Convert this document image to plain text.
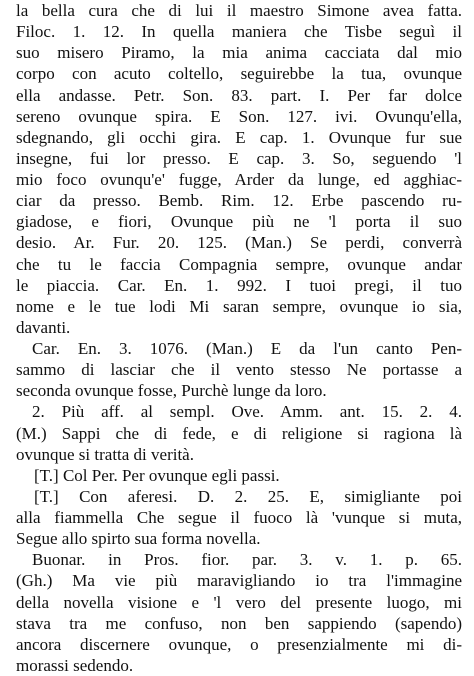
la bella cura che di lui il maestro Simone avea fatta.
Filoc. 1. 12. In quella maniera che Tisbe seguì il
suo misero Piramo, la mia anima cacciata dal mio
corpo con acuto coltello, seguirebbe la tua, ovunque
ella andasse. Petr. Son. 83. part. I. Per far dolce
sereno ovunque spira. E Son. 127. ivi. Ovunqu'ella,
sdegnando, gli occhi gira. E cap. 1. Ovunque fur sue
insegne, fui lor presso. E cap. 3. So, seguendo 'l
mio foco ovunqu'e' fugge, Arder da lunge, ed agghiac-
ciar da presso. Bemb. Rim. 12. Erbe pascendo ru-
giadose, e fiori, Ovunque più ne 'l porta il suo
desio. Ar. Fur. 20. 125. (Man.) Se perdi, converrà
che tu le faccia Compagnia sempre, ovunque andar
le piaccia. Car. En. 1. 992. I tuoi pregi, il tuo
nome e le tue lodi Mi saran sempre, ovunque io sia,
davanti.
Car. En. 3. 1076. (Man.) E da l'un canto Pen-
sammo di lasciar che il vento stesso Ne portasse a
seconda ovunque fosse, Purchè lunge da loro.
2. Più aff. al sempl. Ove. Amm. ant. 15. 2. 4.
(M.) Sappi che di fede, e di religione si ragiona là
ovunque si tratta di verità.
[T.] Col Per. Per ovunque egli passi.
[T.] Con aferesi. D. 2. 25. E, simigliante poi
alla fiammella Che segue il fuoco là 'vunque si muta,
Segue allo spirto sua forma novella.
Buonar. in Pros. fior. par. 3. v. 1. p. 65.
(Gh.) Ma vie più maravigliando io tra l'immagine
della novella visione e 'l vero del presente luogo, mi
stava tra me confuso, non ben sappiendo (sapendo)
ancora discernere ovunque, o presenzialmente mi di-
morassi sedendo.
